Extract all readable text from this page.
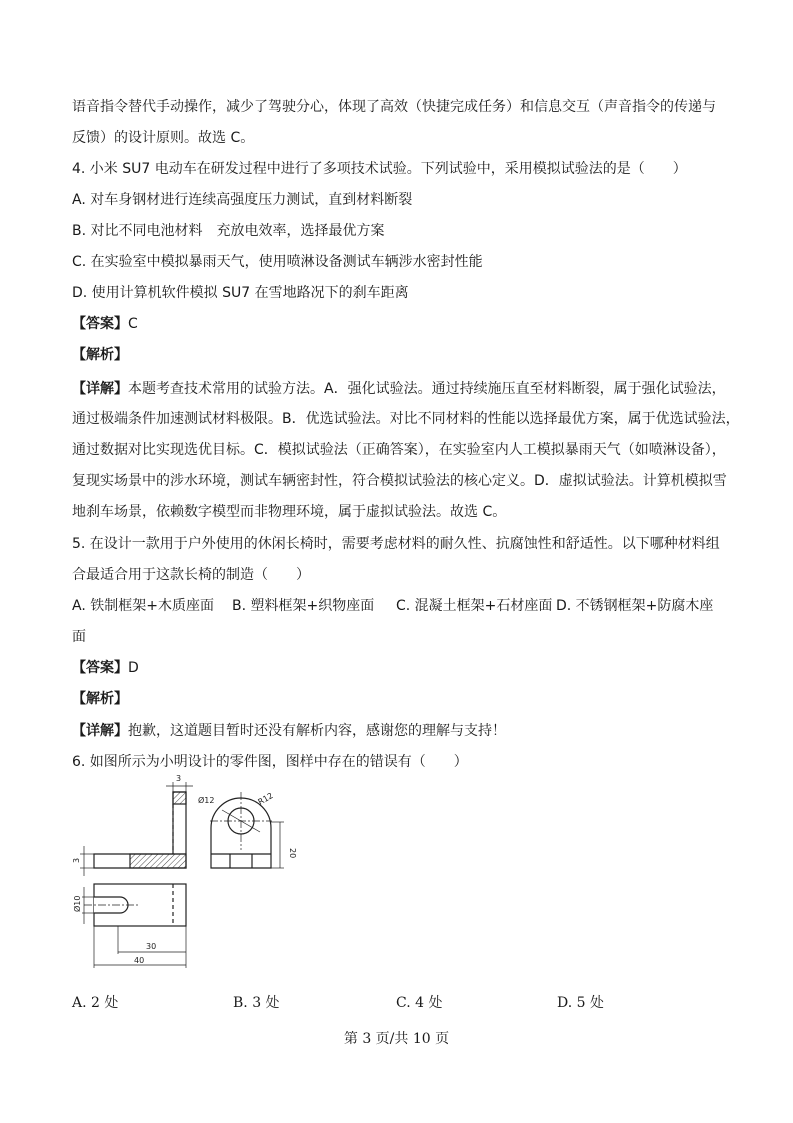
语音指令替代手动操作，减少了驾驶分心，体现了高效（快捷完成任务）和信息交互（声音指令的传递与
反馈）的设计原则。故选 C。
4. 小米 SU7 电动车在研发过程中进行了多项技术试验。下列试验中，采用模拟试验法的是（　　）
A. 对车身钢材进行连续高强度压力测试，直到材料断裂
B. 对比不同电池材料　充放电效率，选择最优方案
C. 在实验室中模拟暴雨天气，使用喷淋设备测试车辆涉水密封性能
D. 使用计算机软件模拟 SU7 在雪地路况下的刹车距离
【答案】C
【解析】
【详解】本题考查技术常用的试验方法。A．强化试验法。通过持续施压直至材料断裂，属于强化试验法，
通过极端条件加速测试材料极限。B．优选试验法。对比不同材料的性能以选择最优方案，属于优选试验法，
通过数据对比实现选优目标。C．模拟试验法（正确答案），在实验室内人工模拟暴雨天气（如喷淋设备），
复现实场景中的涉水环境，测试车辆密封性，符合模拟试验法的核心定义。D．虚拟试验法。计算机模拟雪
地刹车场景，依赖数字模型而非物理环境，属于虚拟试验法。故选 C。
5. 在设计一款用于户外使用的休闲长椅时，需要考虑材料的耐久性、抗腐蚀性和舒适性。以下哪种材料组
合最适合用于这款长椅的制造（　　）
A. 铁制框架+木质座面 B. 塑料框架+织物座面 C. 混凝土框架+石材座面 D. 不锈钢框架+防腐木座
面
【答案】D
【解析】
【详解】抱歉，这道题目暂时还没有解析内容，感谢您的理解与支持！
6. 如图所示为小明设计的零件图，图样中存在的错误有（　　）
3
Ø12	R12
20
3
Ø10
30
40
A. 2 处	B. 3 处	C. 4 处	D. 5 处
第 3 页/共 10 页
